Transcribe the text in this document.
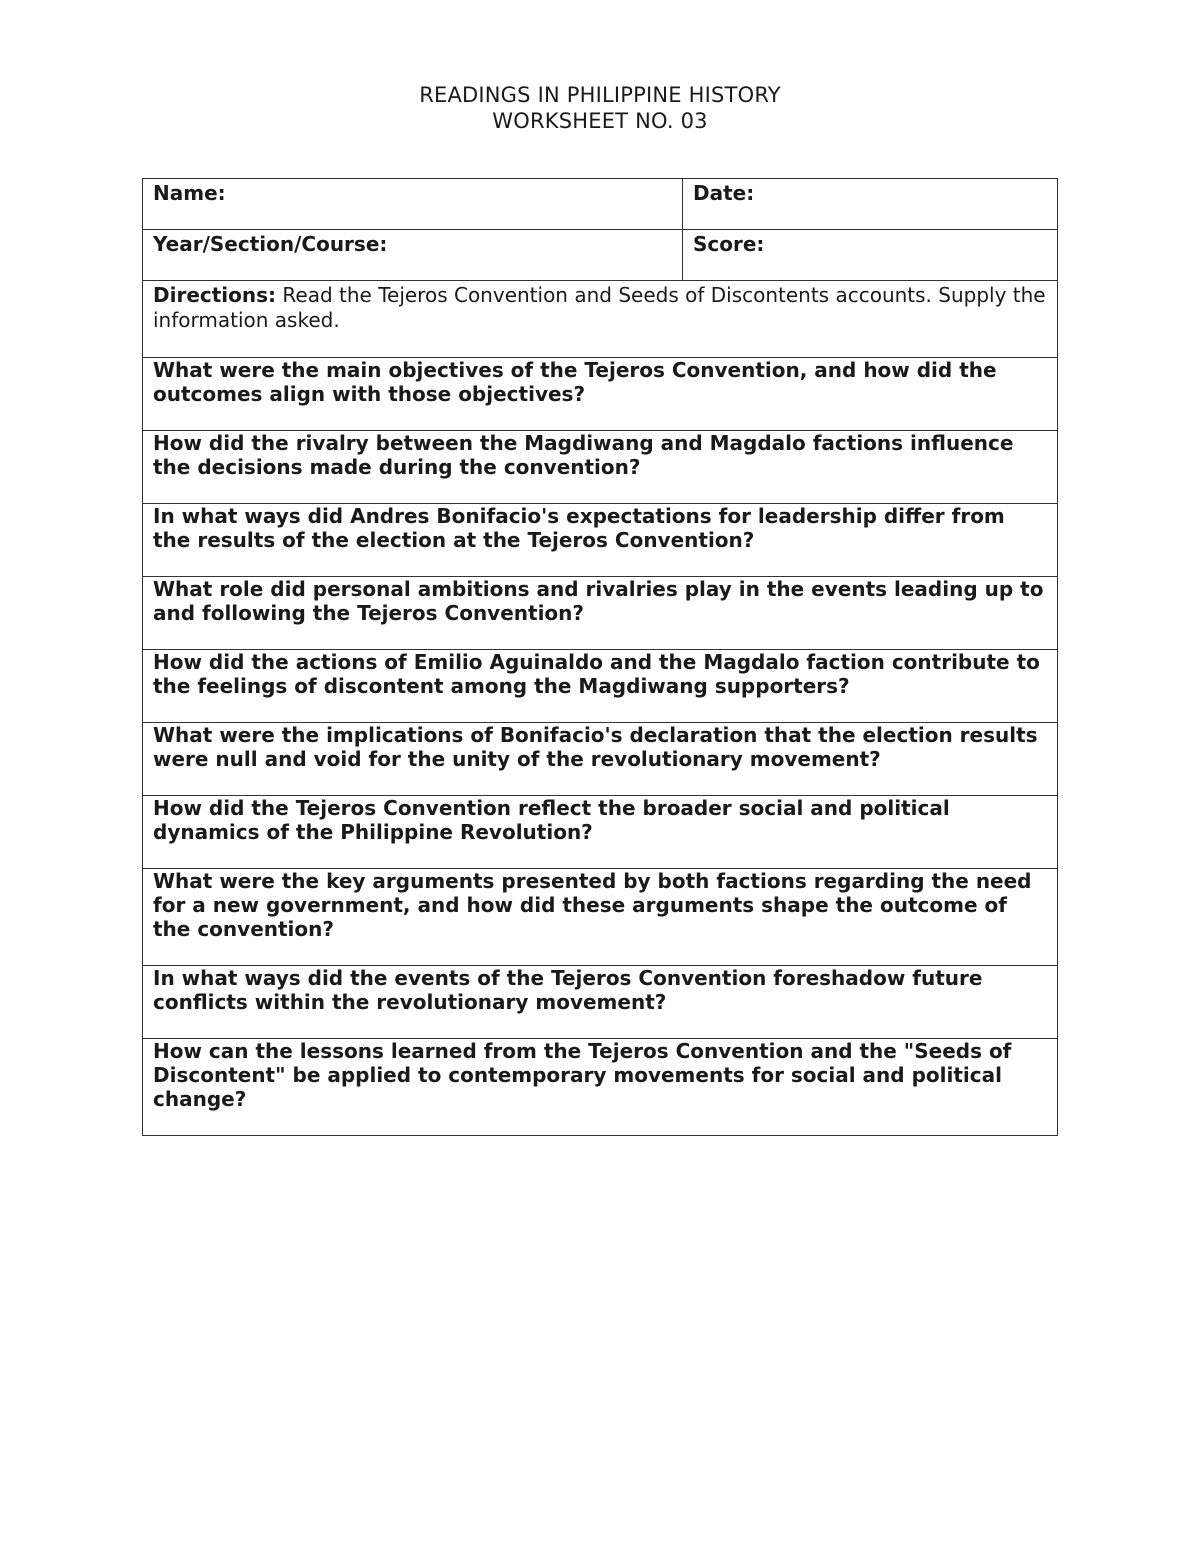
READINGS IN PHILIPPINE HISTORY
WORKSHEET NO. 03
Name:	Date:
Year/Section/Course:	Score:
Directions: Read the Tejeros Convention and Seeds of Discontents accounts. Supply the information asked.
What were the main objectives of the Tejeros Convention, and how did the outcomes align with those objectives?
How did the rivalry between the Magdiwang and Magdalo factions influence the decisions made during the convention?
In what ways did Andres Bonifacio's expectations for leadership differ from the results of the election at the Tejeros Convention?
What role did personal ambitions and rivalries play in the events leading up to and following the Tejeros Convention?
How did the actions of Emilio Aguinaldo and the Magdalo faction contribute to the feelings of discontent among the Magdiwang supporters?
What were the implications of Bonifacio's declaration that the election results were null and void for the unity of the revolutionary movement?
How did the Tejeros Convention reflect the broader social and political dynamics of the Philippine Revolution?
What were the key arguments presented by both factions regarding the need for a new government, and how did these arguments shape the outcome of the convention?
In what ways did the events of the Tejeros Convention foreshadow future conflicts within the revolutionary movement?
How can the lessons learned from the Tejeros Convention and the "Seeds of Discontent" be applied to contemporary movements for social and political change?
